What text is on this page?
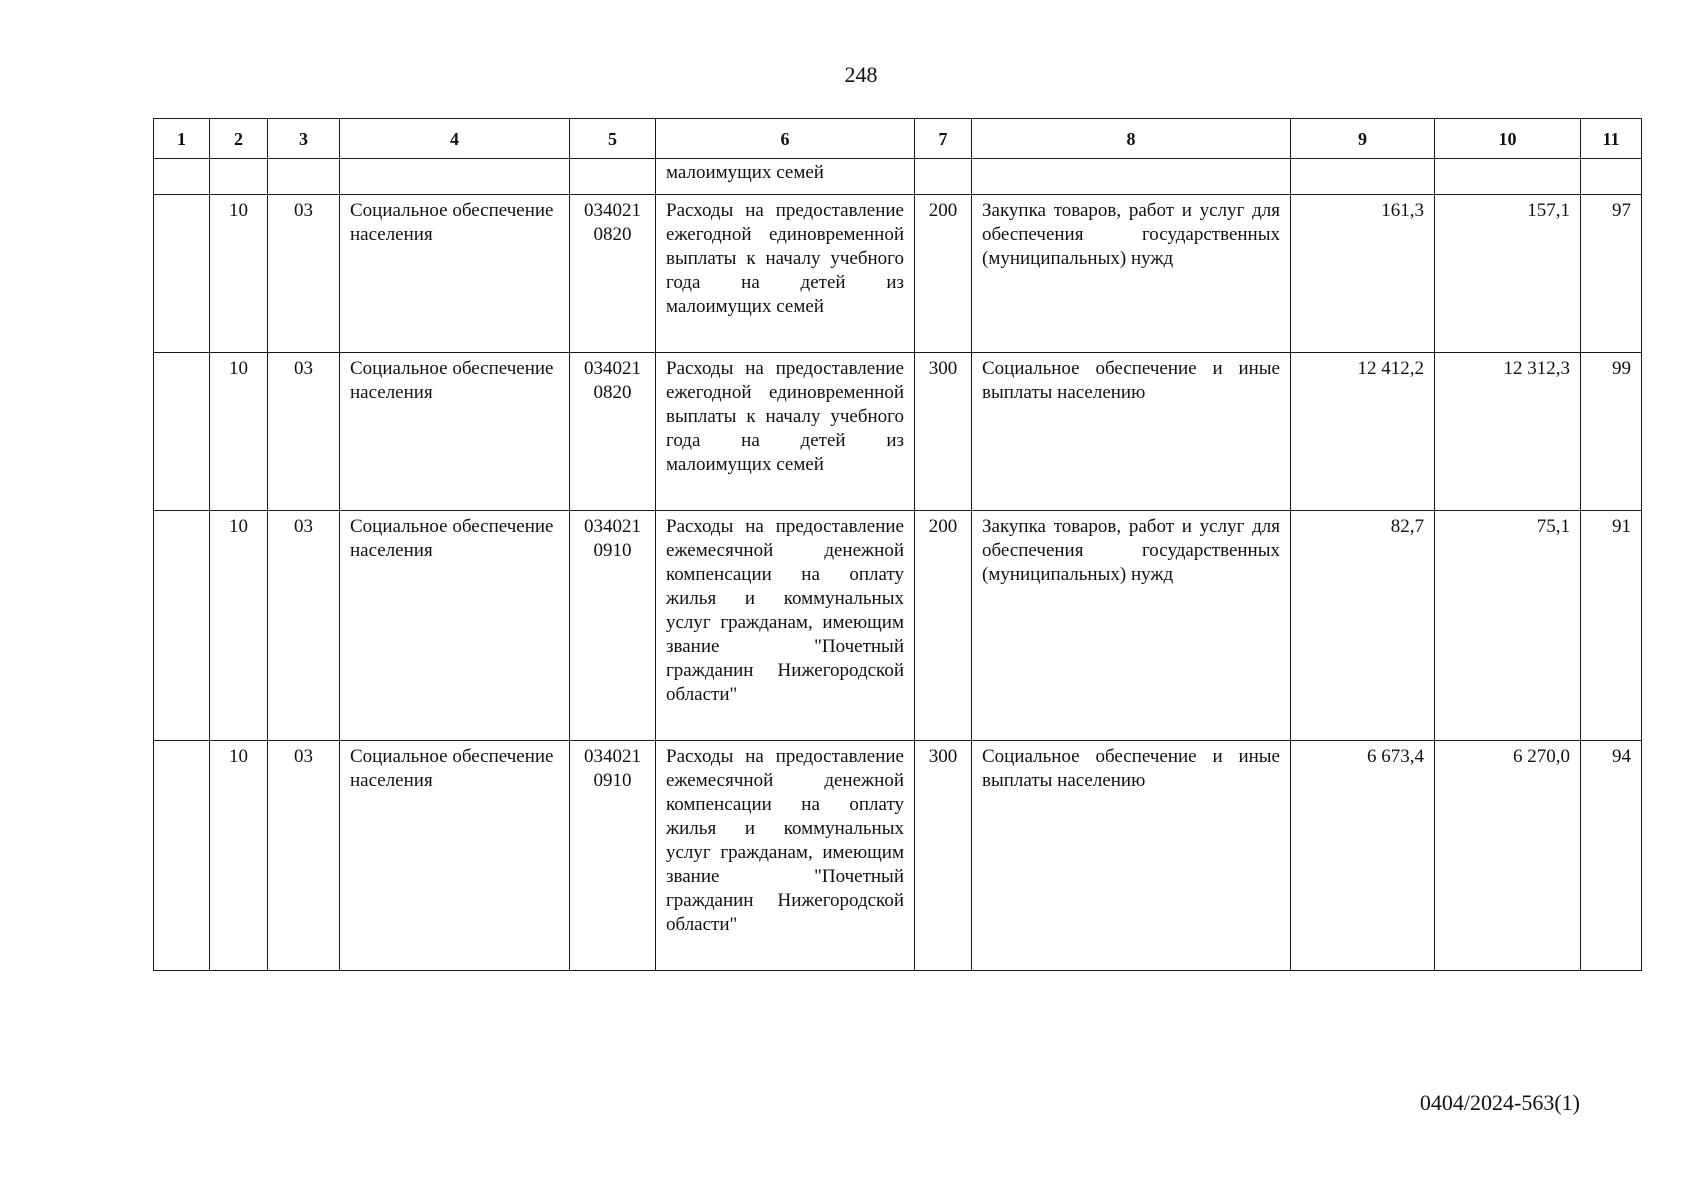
248
1	2	3	4	5	6	7	8	9	10	11
					малоимущих семей					
	10	03	Социальное обеспечение населения	034021 0820	Расходы на предоставление ежегодной единовременной выплаты к началу учебного года на детей из малоимущих семей	200	Закупка товаров, работ и услуг для обеспечения государственных (муниципальных) нужд	161,3	157,1	97
	10	03	Социальное обеспечение населения	034021 0820	Расходы на предоставление ежегодной единовременной выплаты к началу учебного года на детей из малоимущих семей	300	Социальное обеспечение и иные выплаты населению	12 412,2	12 312,3	99
	10	03	Социальное обеспечение населения	034021 0910	Расходы на предоставление ежемесячной денежной компенсации на оплату жилья и коммунальных услуг гражданам, имеющим звание "Почетный гражданин Нижегородской области"	200	Закупка товаров, работ и услуг для обеспечения государственных (муниципальных) нужд	82,7	75,1	91
	10	03	Социальное обеспечение населения	034021 0910	Расходы на предоставление ежемесячной денежной компенсации на оплату жилья и коммунальных услуг гражданам, имеющим звание "Почетный гражданин Нижегородской области"	300	Социальное обеспечение и иные выплаты населению	6 673,4	6 270,0	94
0404/2024-563(1)
